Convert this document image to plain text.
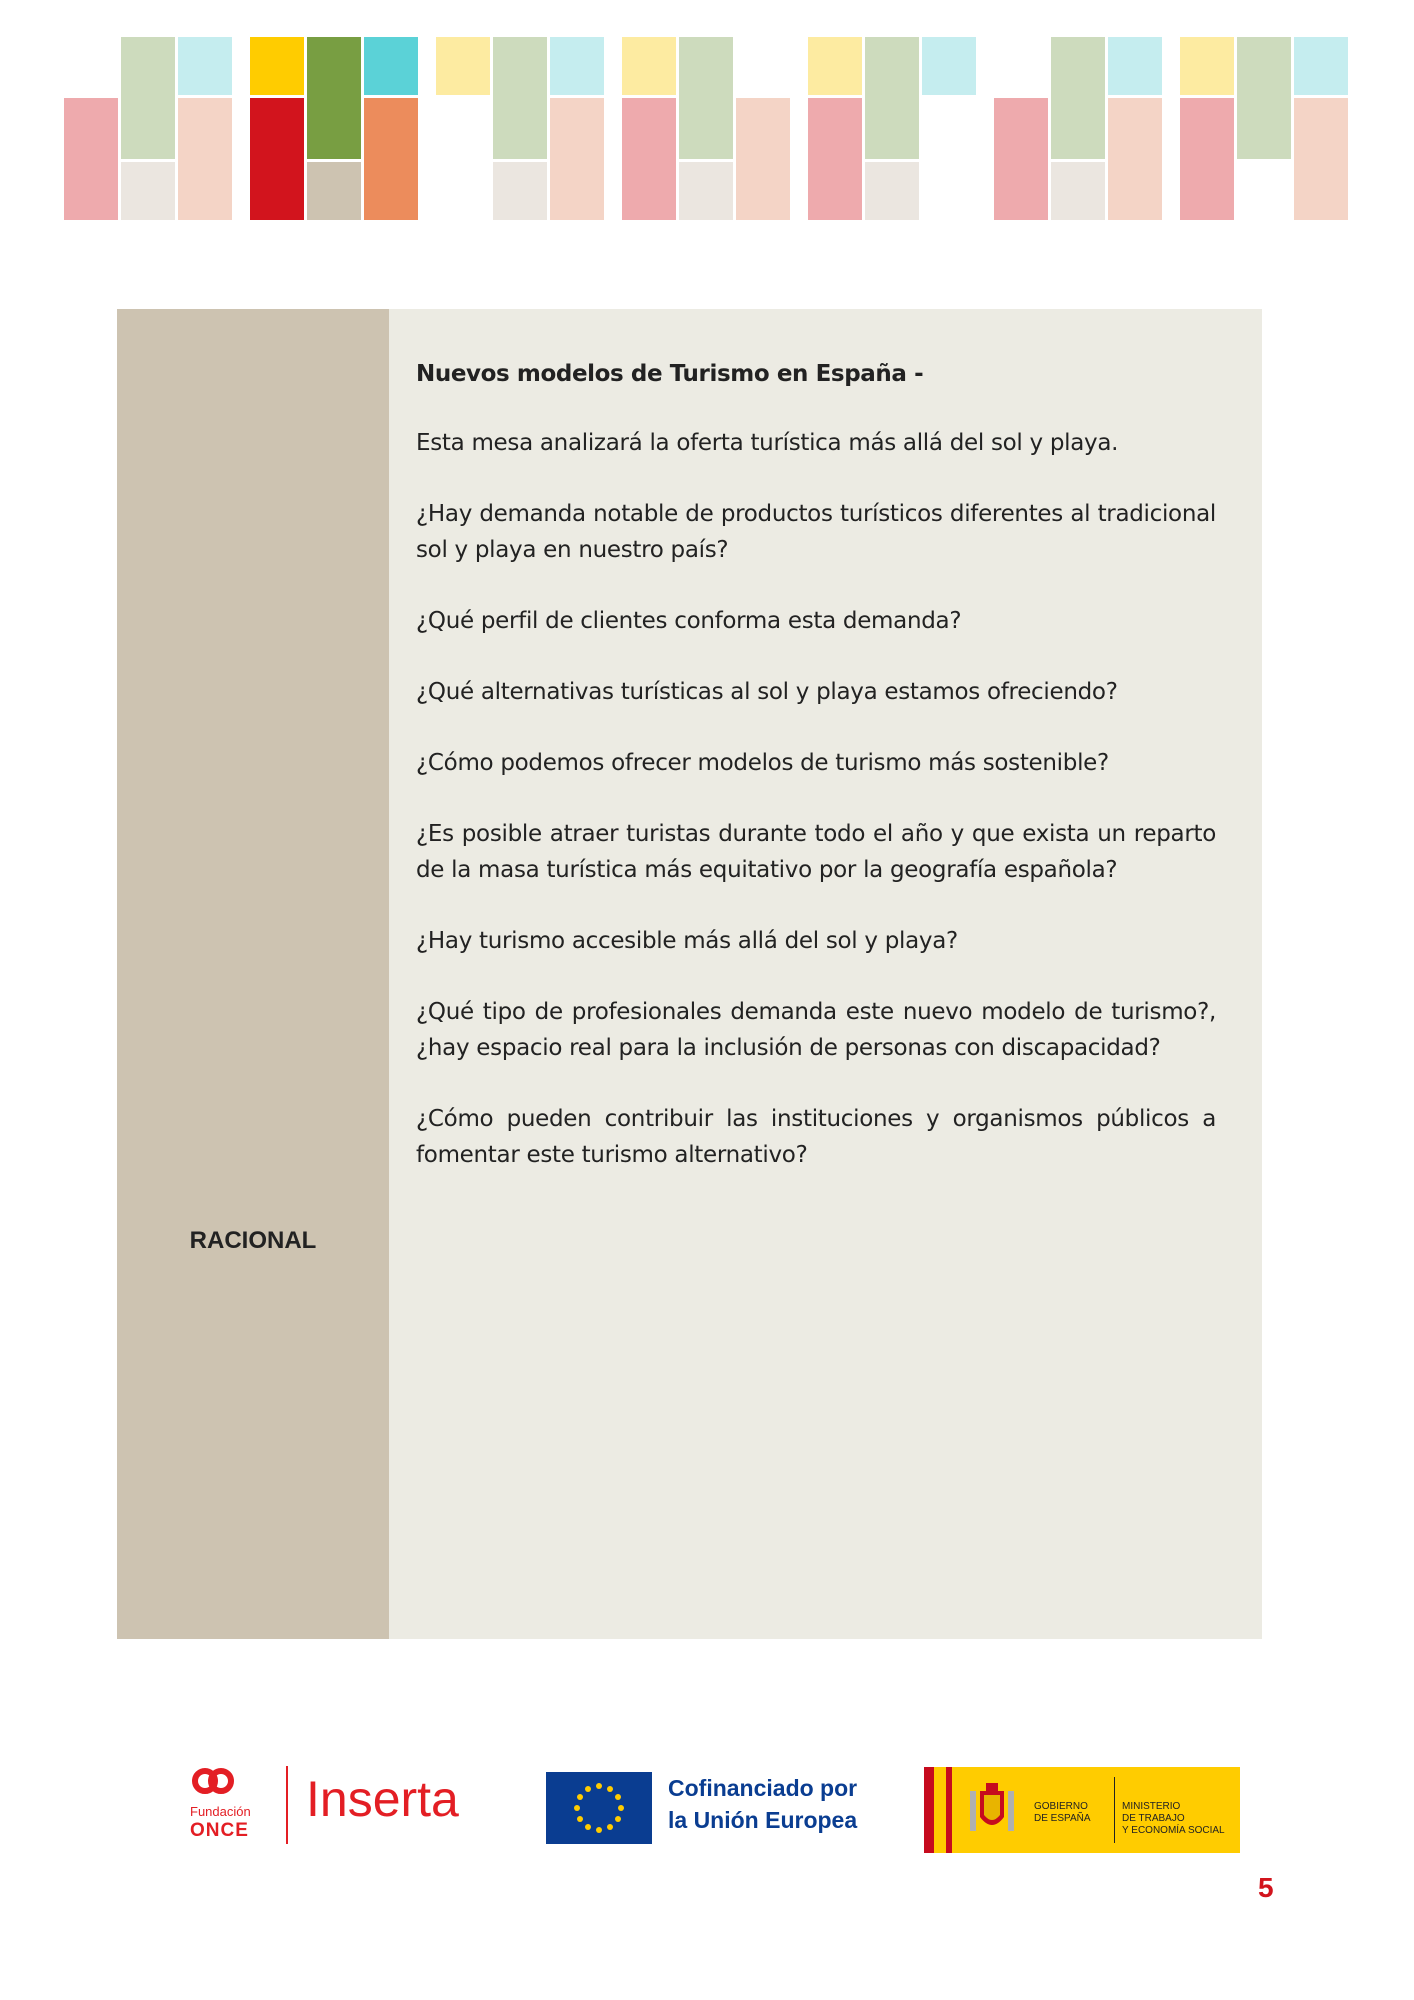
RACIONAL
Nuevos modelos de Turismo en España -

Esta mesa analizará la oferta turística más allá del sol y playa.

¿Hay demanda notable de productos turísticos diferentes al tradicional sol y playa en nuestro país?

¿Qué perfil de clientes conforma esta demanda?

¿Qué alternativas turísticas al sol y playa estamos ofreciendo?

¿Cómo podemos ofrecer modelos de turismo más sostenible?

¿Es posible atraer turistas durante todo el año y que exista un reparto de la masa turística más equitativo por la geografía española?

¿Hay turismo accesible más allá del sol y playa?

¿Qué tipo de profesionales demanda este nuevo modelo de turismo?, ¿hay espacio real para la inclusión de personas con discapacidad?

¿Cómo pueden contribuir las instituciones y organismos públicos a fomentar este turismo alternativo?

Fundación
ONCE
Inserta	Cofinanciado por
la Unión Europea
GOBIERNO
DE ESPAÑA
MINISTERIO
DE TRABAJO
Y ECONOMÍA SOCIAL
5
